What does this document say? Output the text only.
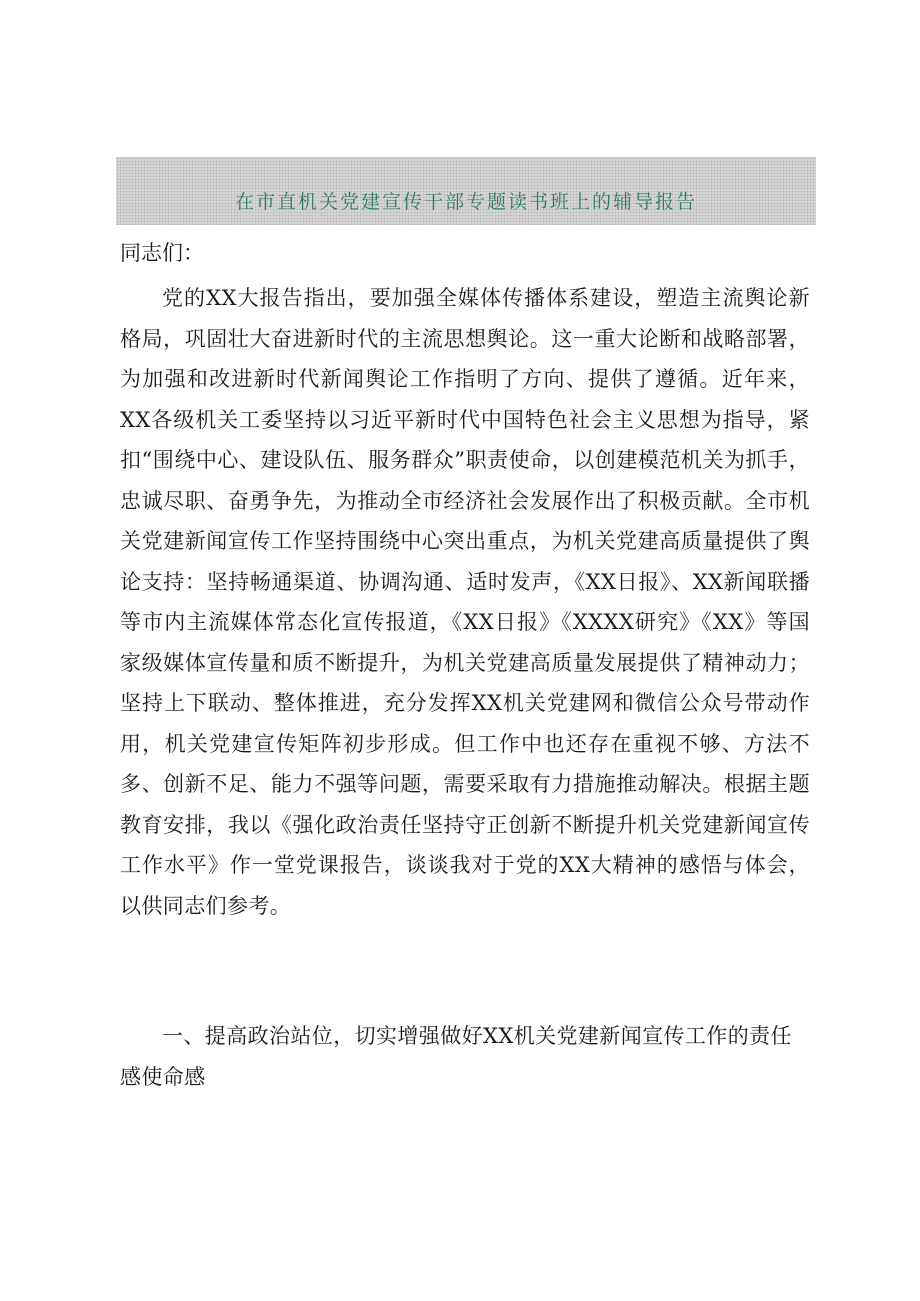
在市直机关党建宣传干部专题读书班上的辅导报告

同志们：

党的XX大报告指出，要加强全媒体传播体系建设，塑造主流舆论新格局，巩固壮大奋进新时代的主流思想舆论。这一重大论断和战略部署，为加强和改进新时代新闻舆论工作指明了方向、提供了遵循。近年来，XX各级机关工委坚持以习近平新时代中国特色社会主义思想为指导，紧扣“围绕中心、建设队伍、服务群众”职责使命，以创建模范机关为抓手，忠诚尽职、奋勇争先，为推动全市经济社会发展作出了积极贡献。全市机关党建新闻宣传工作坚持围绕中心突出重点，为机关党建高质量提供了舆论支持：坚持畅通渠道、协调沟通、适时发声，《XX日报》、XX新闻联播等市内主流媒体常态化宣传报道，《XX日报》《XXXX研究》《XX》等国家级媒体宣传量和质不断提升，为机关党建高质量发展提供了精神动力；坚持上下联动、整体推进，充分发挥XX机关党建网和微信公众号带动作用，机关党建宣传矩阵初步形成。但工作中也还存在重视不够、方法不多、创新不足、能力不强等问题，需要采取有力措施推动解决。根据主题教育安排，我以《强化政治责任坚持守正创新不断提升机关党建新闻宣传工作水平》作一堂党课报告，谈谈我对于党的XX大精神的感悟与体会，以供同志们参考。

一、提高政治站位，切实增强做好XX机关党建新闻宣传工作的责任感使命感
